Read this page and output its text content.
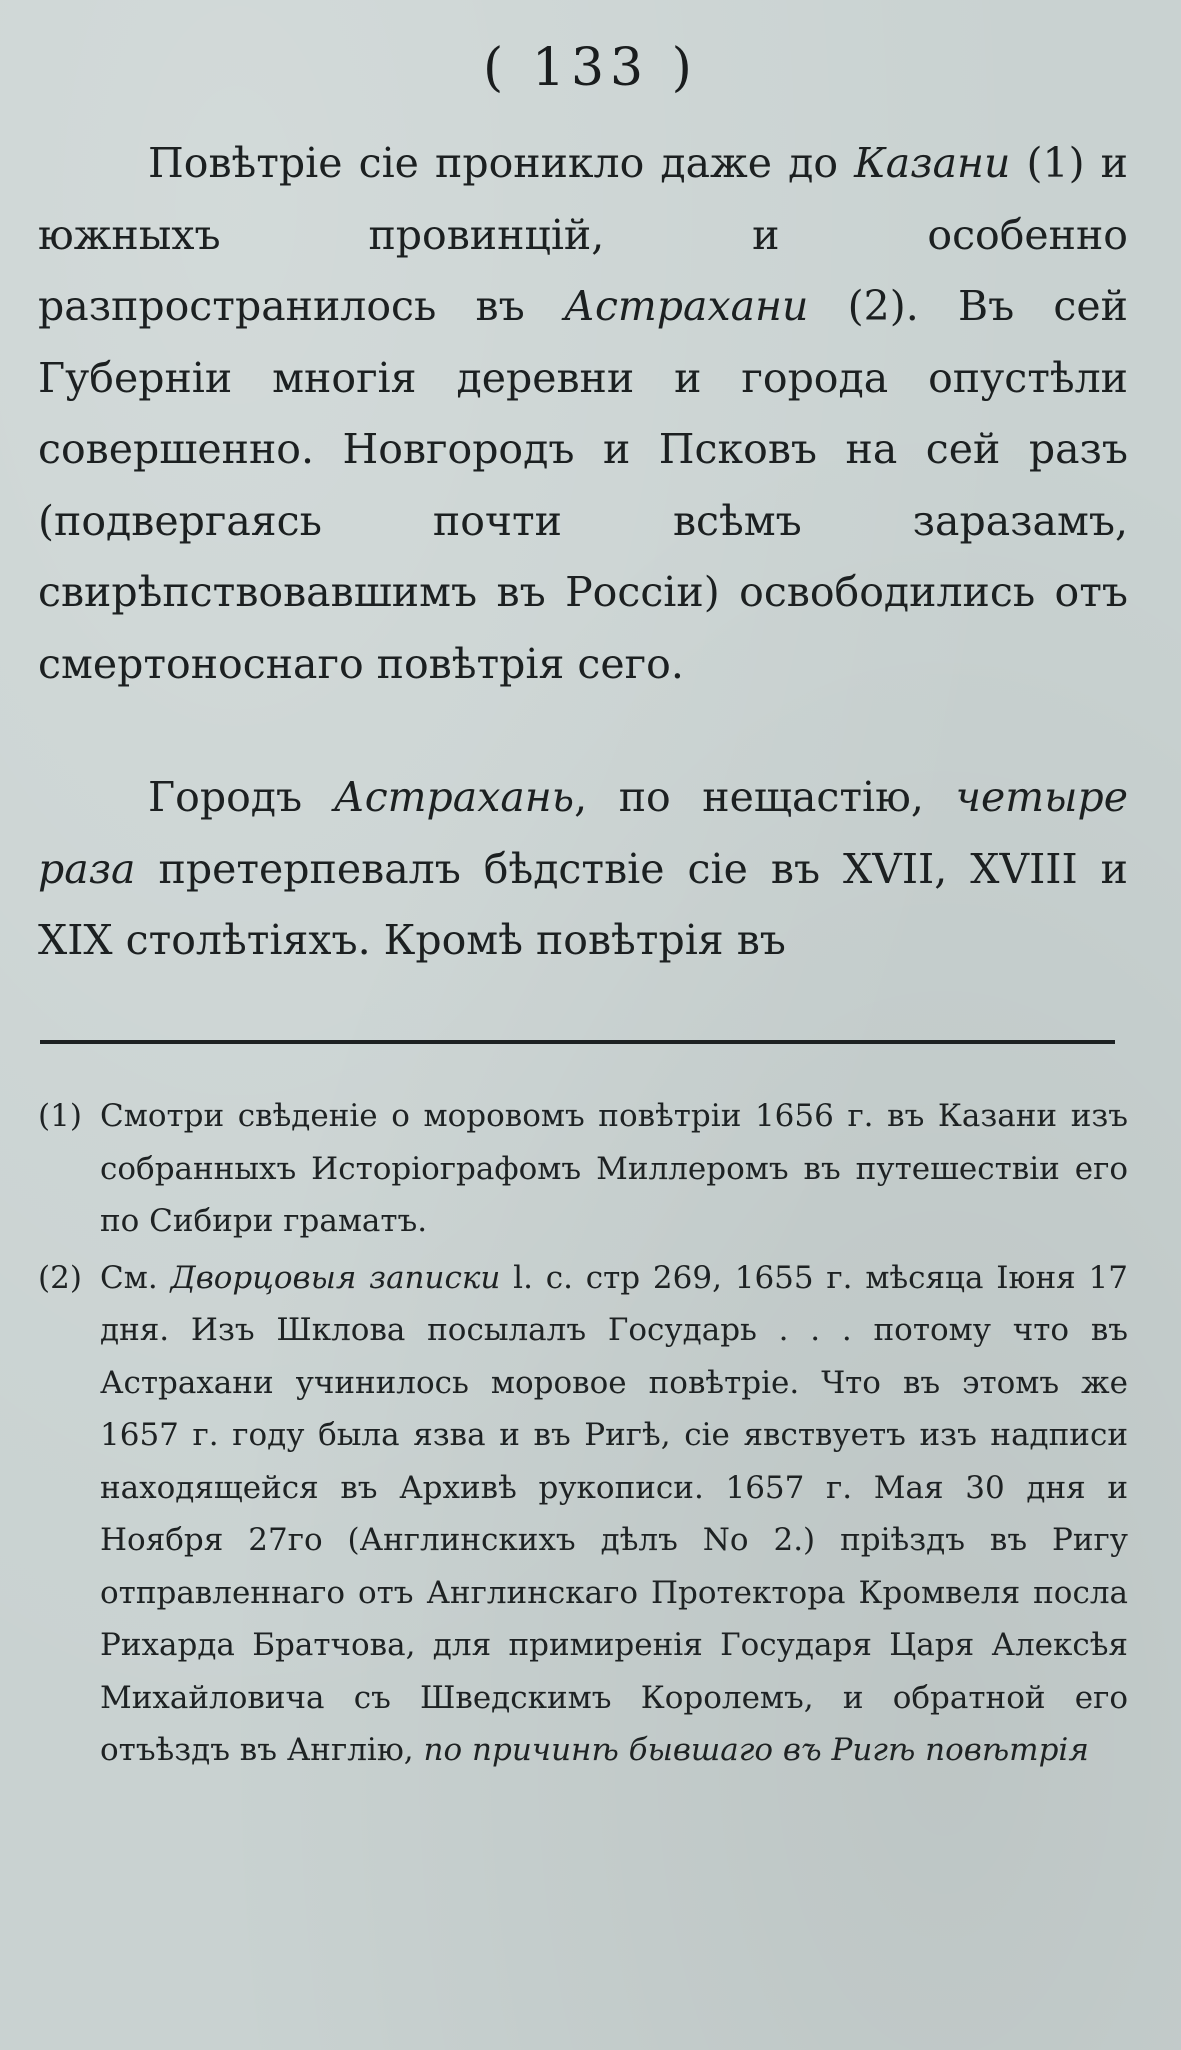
( 133 )

Повѣтріе сіе проникло даже до Казани (1) и южныхъ провинцій, и особенно разпространилось въ Астрахани (2). Въ сей Губерніи многія деревни и города опустѣли совершенно. Новгородъ и Псковъ на сей разъ (подвергаясь почти всѣмъ заразамъ, свирѣпствовавшимъ въ Россіи) освободились отъ смертоноснаго повѣтрія сего.

Городъ Астрахань, по нещастію, четыре раза претерпевалъ бѣдствіе сіе въ XVII, XVIII и XIX столѣтіяхъ. Кромѣ повѣтрія въ

(1) Смотри свѣденіе о моровомъ повѣтріи 1656 г. въ Казани изъ собранныхъ Исторіографомъ Миллеромъ въ путешествіи его по Сибири граматъ.

(2) См. Дворцовыя записки l. c. стр 269, 1655 г. мѣсяца Іюня 17 дня. Изъ Шклова посылалъ Государь . . . потому что въ Астрахани учинилось моровое повѣтріе. Что въ этомъ же 1657 г. году была язва и въ Ригѣ, сіе явствуетъ изъ надписи находящейся въ Архивѣ рукописи. 1657 г. Мая 30 дня и Ноября 27го (Англинскихъ дѣлъ No 2.) пріѣздъ въ Ригу отправленнаго отъ Англинскаго Протектора Кромвеля посла Рихарда Братчова, для примиренія Государя Царя Алексѣя Михайловича съ Шведскимъ Королемъ, и обратной его отъѣздъ въ Англію, по причинѣ бывшаго въ Ригѣ повѣтрія
